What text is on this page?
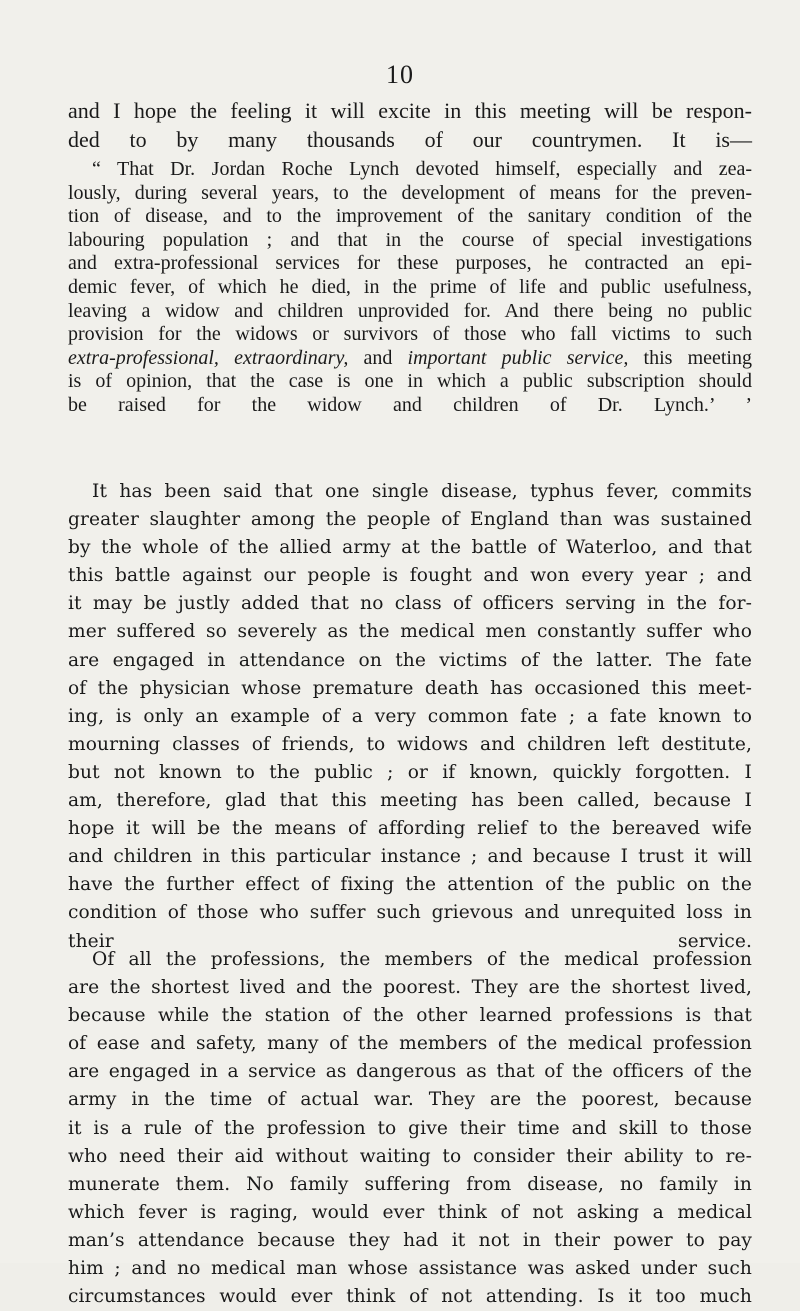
10
and I hope the feeling it will excite in this meeting will be respon-
ded to by many thousands of our countrymen. It is—
“ That Dr. Jordan Roche Lynch devoted himself, especially and zea-
lously, during several years, to the development of means for the preven-
tion of disease, and to the improvement of the sanitary condition of the
labouring population ; and that in the course of special investigations
and extra-professional services for these purposes, he contracted an epi-
demic fever, of which he died, in the prime of life and public usefulness,
leaving a widow and children unprovided for. And there being no public
provision for the widows or survivors of those who fall victims to such
extra-professional, extraordinary, and important public service, this meeting
is of opinion, that the case is one in which a public subscription should
be raised for the widow and children of Dr. Lynch.’ ’
It has been said that one single disease, typhus fever, commits
greater slaughter among the people of England than was sustained
by the whole of the allied army at the battle of Waterloo, and that
this battle against our people is fought and won every year ; and
it may be justly added that no class of officers serving in the for-
mer suffered so severely as the medical men constantly suffer who
are engaged in attendance on the victims of the latter. The fate
of the physician whose premature death has occasioned this meet-
ing, is only an example of a very common fate ; a fate known to
mourning classes of friends, to widows and children left destitute,
but not known to the public ; or if known, quickly forgotten. I
am, therefore, glad that this meeting has been called, because I
hope it will be the means of affording relief to the bereaved wife
and children in this particular instance ; and because I trust it will
have the further effect of fixing the attention of the public on the
condition of those who suffer such grievous and unrequited loss in
their service.
Of all the professions, the members of the medical profession
are the shortest lived and the poorest. They are the shortest lived,
because while the station of the other learned professions is that
of ease and safety, many of the members of the medical profession
are engaged in a service as dangerous as that of the officers of the
army in the time of actual war. They are the poorest, because
it is a rule of the profession to give their time and skill to those
who need their aid without waiting to consider their ability to re-
munerate them. No family suffering from disease, no family in
which fever is raging, would ever think of not asking a medical
man’s attendance because they had it not in their power to pay
him ; and no medical man whose assistance was asked under such
circumstances would ever think of not attending. Is it too much
